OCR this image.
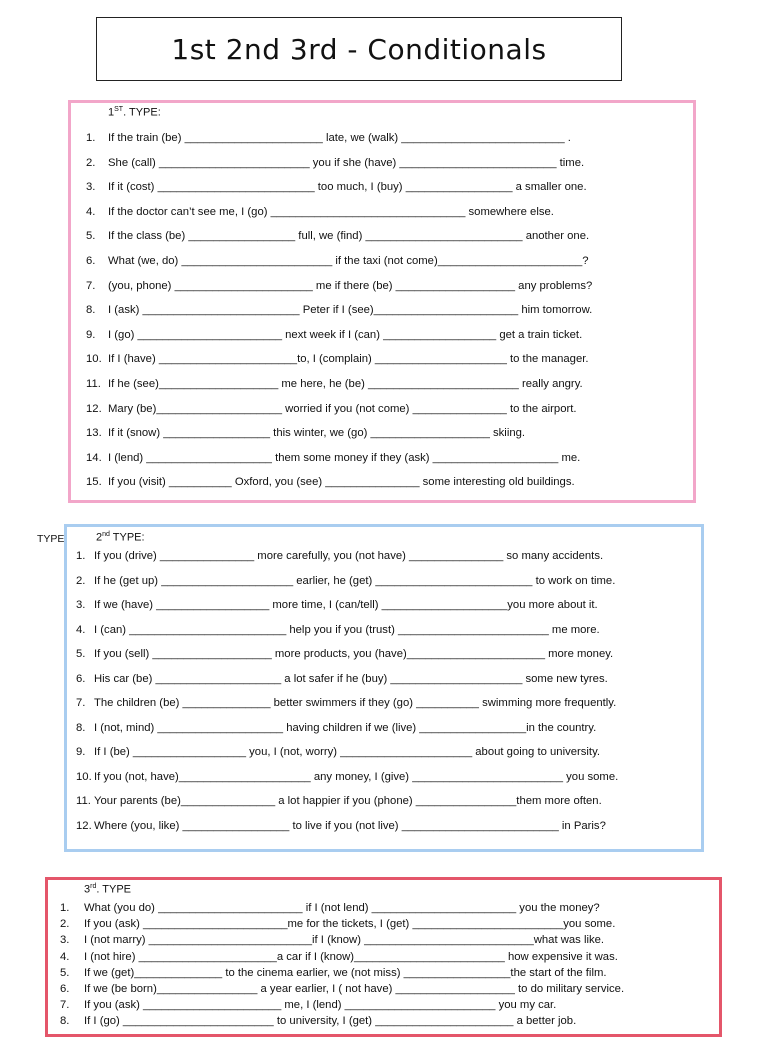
1st 2nd 3rd - Conditionals
1ST. TYPE:
1. If the train (be) ______________________ late, we (walk) __________________________ .
2. She (call) ________________________ you if she (have) _________________________ time.
3. If it (cost) _________________________ too much, I (buy) _________________ a smaller one.
4. If the doctor can’t see me, I (go) _______________________________ somewhere else.
5. If the class (be) _________________ full, we (find) _________________________ another one.
6. What (we, do) ________________________ if the taxi (not come)_______________________?
7. (you, phone) ______________________ me if there (be) ___________________ any problems?
8. I (ask) _________________________ Peter if I (see)_______________________ him tomorrow.
9. I (go) _______________________ next week if I (can) __________________ get a train ticket.
10. If I (have) ______________________to, I (complain) _____________________ to the manager.
11. If he (see)___________________ me here, he (be) ________________________ really angry.
12. Mary (be)____________________ worried if you (not come) _______________ to the airport.
13. If it (snow) _________________ this winter, we (go) ___________________ skiing.
14. I (lend) ____________________ them some money if they (ask) ____________________ me.
15. If you (visit) __________ Oxford, you (see) _______________ some interesting old buildings.
TYPE	2nd TYPE:
1. If you (drive) _______________ more carefully, you (not have) _______________ so many accidents.
2. If he (get up) _____________________ earlier, he (get) _________________________ to work on time.
3. If we (have) __________________ more time, I (can/tell) ____________________you more about it.
4. I (can) _________________________ help you if you (trust) ________________________ me more.
5. If you (sell) ___________________ more products, you (have)______________________ more money.
6. His car (be) ____________________ a lot safer if he (buy) _____________________ some new tyres.
7. The children (be) ______________ better swimmers if they (go) __________ swimming more frequently.
8. I (not, mind) ____________________ having children if we (live) _________________in the country.
9. If I (be) __________________ you, I (not, worry) _____________________ about going to university.
10. If you (not, have)_____________________ any money, I (give) ________________________ you some.
11. Your parents (be)_______________ a lot happier if you (phone) ________________them more often.
12. Where (you, like) _________________ to live if you (not live) _________________________ in Paris?
3rd. TYPE
1. What (you do) _______________________ if I (not lend) _______________________ you the money?
2. If you (ask) _______________________me for the tickets, I (get) ________________________you some.
3. I (not marry) __________________________if I (know) ___________________________what was like.
4. I (not hire) ______________________a car if I (know)________________________ how expensive it was.
5. If we (get)______________ to the cinema earlier, we (not miss) _________________the start of the film.
6. If we (be born)________________ a year earlier, I ( not have) ___________________ to do military service.
7. If you (ask) ______________________ me, I (lend) ________________________ you my car.
8. If I (go) ________________________ to university, I (get) ______________________ a better job.
